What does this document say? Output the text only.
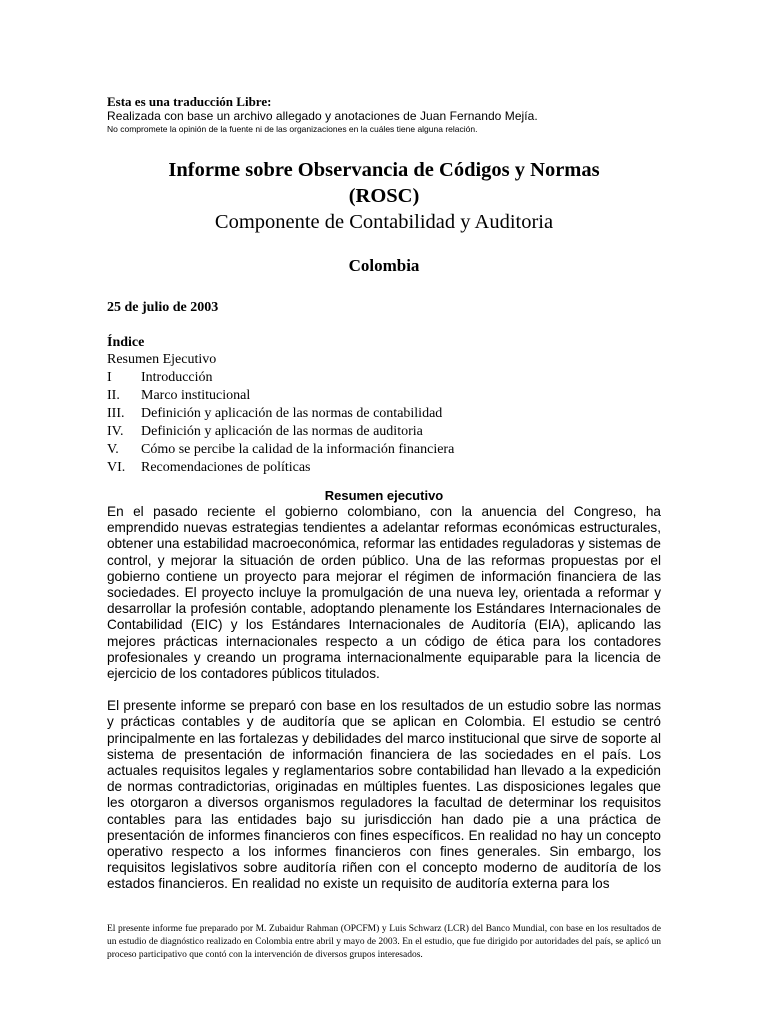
Esta es una traducción Libre:
Realizada con base un archivo allegado y anotaciones de Juan Fernando Mejía.
No compromete la opinión de la fuente ni de las organizaciones en la cuáles tiene alguna relación.
Informe sobre Observancia de Códigos y Normas
(ROSC)
Componente de Contabilidad y Auditoria
Colombia
25 de julio de 2003
Índice
Resumen Ejecutivo
I	Introducción
II.	Marco institucional
III.	Definición y aplicación de las normas de contabilidad
IV.	Definición y aplicación de las normas de auditoria
V.	Cómo se percibe la calidad de la información financiera
VI.	Recomendaciones de políticas
Resumen ejecutivo
En el pasado reciente el gobierno colombiano, con la anuencia del Congreso, ha emprendido nuevas estrategias tendientes a adelantar reformas económicas estructurales, obtener una estabilidad macroeconómica, reformar las entidades reguladoras y sistemas de control, y mejorar la situación de orden público. Una de las reformas propuestas por el gobierno contiene un proyecto para mejorar el régimen de información financiera de las sociedades. El proyecto incluye la promulgación de una nueva ley, orientada a reformar y desarrollar la profesión contable, adoptando plenamente los Estándares Internacionales de Contabilidad (EIC) y los Estándares Internacionales de Auditoría (EIA), aplicando las mejores prácticas internacionales respecto a un código de ética para los contadores profesionales y creando un programa internacionalmente equiparable para la licencia de ejercicio de los contadores públicos titulados.
El presente informe se preparó con base en los resultados de un estudio sobre las normas y prácticas contables y de auditoría que se aplican en Colombia. El estudio se centró principalmente en las fortalezas y debilidades del marco institucional que sirve de soporte al sistema de presentación de información financiera de las sociedades en el país. Los actuales requisitos legales y reglamentarios sobre contabilidad han llevado a la expedición de normas contradictorias, originadas en múltiples fuentes. Las disposiciones legales que les otorgaron a diversos organismos reguladores la facultad de determinar los requisitos contables para las entidades bajo su jurisdicción han dado pie a una práctica de presentación de informes financieros con fines específicos. En realidad no hay un concepto operativo respecto a los informes financieros con fines generales. Sin embargo, los requisitos legislativos sobre auditoría riñen con el concepto moderno de auditoría de los estados financieros. En realidad no existe un requisito de auditoría externa para los
El presente informe fue preparado por M. Zubaidur Rahman (OPCFM) y Luis Schwarz (LCR) del Banco Mundial, con base en los resultados de un estudio de diagnóstico realizado en Colombia entre abril y mayo de 2003. En el estudio, que fue dirigido por autoridades del país, se aplicó un proceso participativo que contó con la intervención de diversos grupos interesados.
